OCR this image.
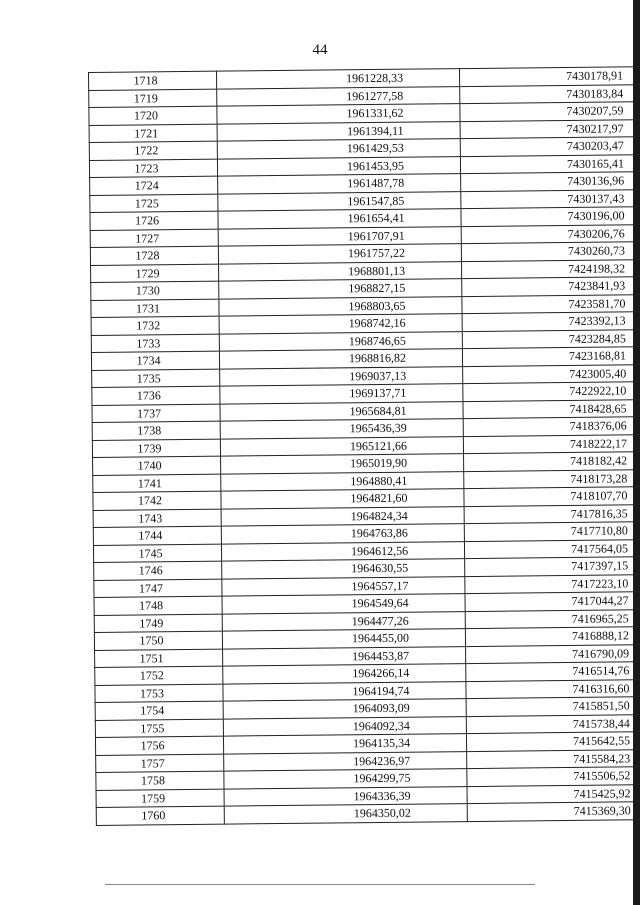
44
1718	1961228,33	7430178,91
1719	1961277,58	7430183,84
1720	1961331,62	7430207,59
1721	1961394,11	7430217,97
1722	1961429,53	7430203,47
1723	1961453,95	7430165,41
1724	1961487,78	7430136,96
1725	1961547,85	7430137,43
1726	1961654,41	7430196,00
1727	1961707,91	7430206,76
1728	1961757,22	7430260,73
1729	1968801,13	7424198,32
1730	1968827,15	7423841,93
1731	1968803,65	7423581,70
1732	1968742,16	7423392,13
1733	1968746,65	7423284,85
1734	1968816,82	7423168,81
1735	1969037,13	7423005,40
1736	1969137,71	7422922,10
1737	1965684,81	7418428,65
1738	1965436,39	7418376,06
1739	1965121,66	7418222,17
1740	1965019,90	7418182,42
1741	1964880,41	7418173,28
1742	1964821,60	7418107,70
1743	1964824,34	7417816,35
1744	1964763,86	7417710,80
1745	1964612,56	7417564,05
1746	1964630,55	7417397,15
1747	1964557,17	7417223,10
1748	1964549,64	7417044,27
1749	1964477,26	7416965,25
1750	1964455,00	7416888,12
1751	1964453,87	7416790,09
1752	1964266,14	7416514,76
1753	1964194,74	7416316,60
1754	1964093,09	7415851,50
1755	1964092,34	7415738,44
1756	1964135,34	7415642,55
1757	1964236,97	7415584,23
1758	1964299,75	7415506,52
1759	1964336,39	7415425,92
1760	1964350,02	7415369,30
